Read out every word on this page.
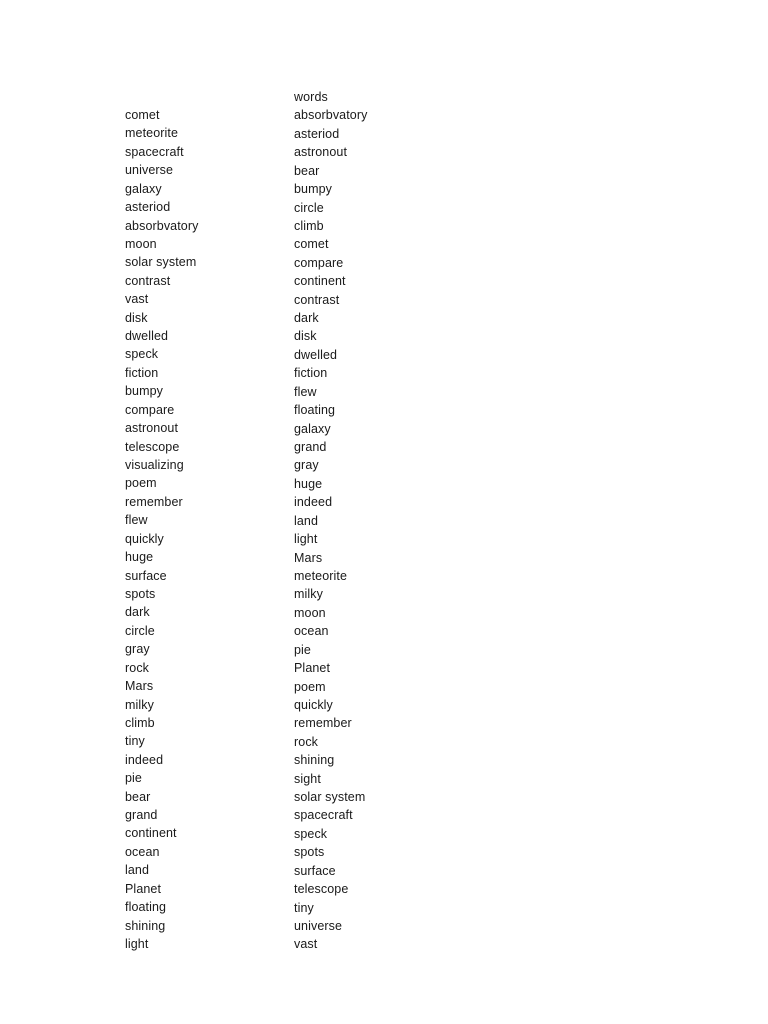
comet
meteorite
spacecraft
universe
galaxy
asteriod
absorbvatory
moon
solar system
contrast
vast
disk
dwelled
speck
fiction
bumpy
compare
astronout
telescope
visualizing
poem
remember
flew
quickly
huge
surface
spots
dark
circle
gray
rock
Mars
milky
climb
tiny
indeed
pie
bear
grand
continent
ocean
land
Planet
floating
shining
light
words
absorbvatory
asteriod
astronout
bear
bumpy
circle
climb
comet
compare
continent
contrast
dark
disk
dwelled
fiction
flew
floating
galaxy
grand
gray
huge
indeed
land
light
Mars
meteorite
milky
moon
ocean
pie
Planet
poem
quickly
remember
rock
shining
sight
solar system
spacecraft
speck
spots
surface
telescope
tiny
universe
vast
